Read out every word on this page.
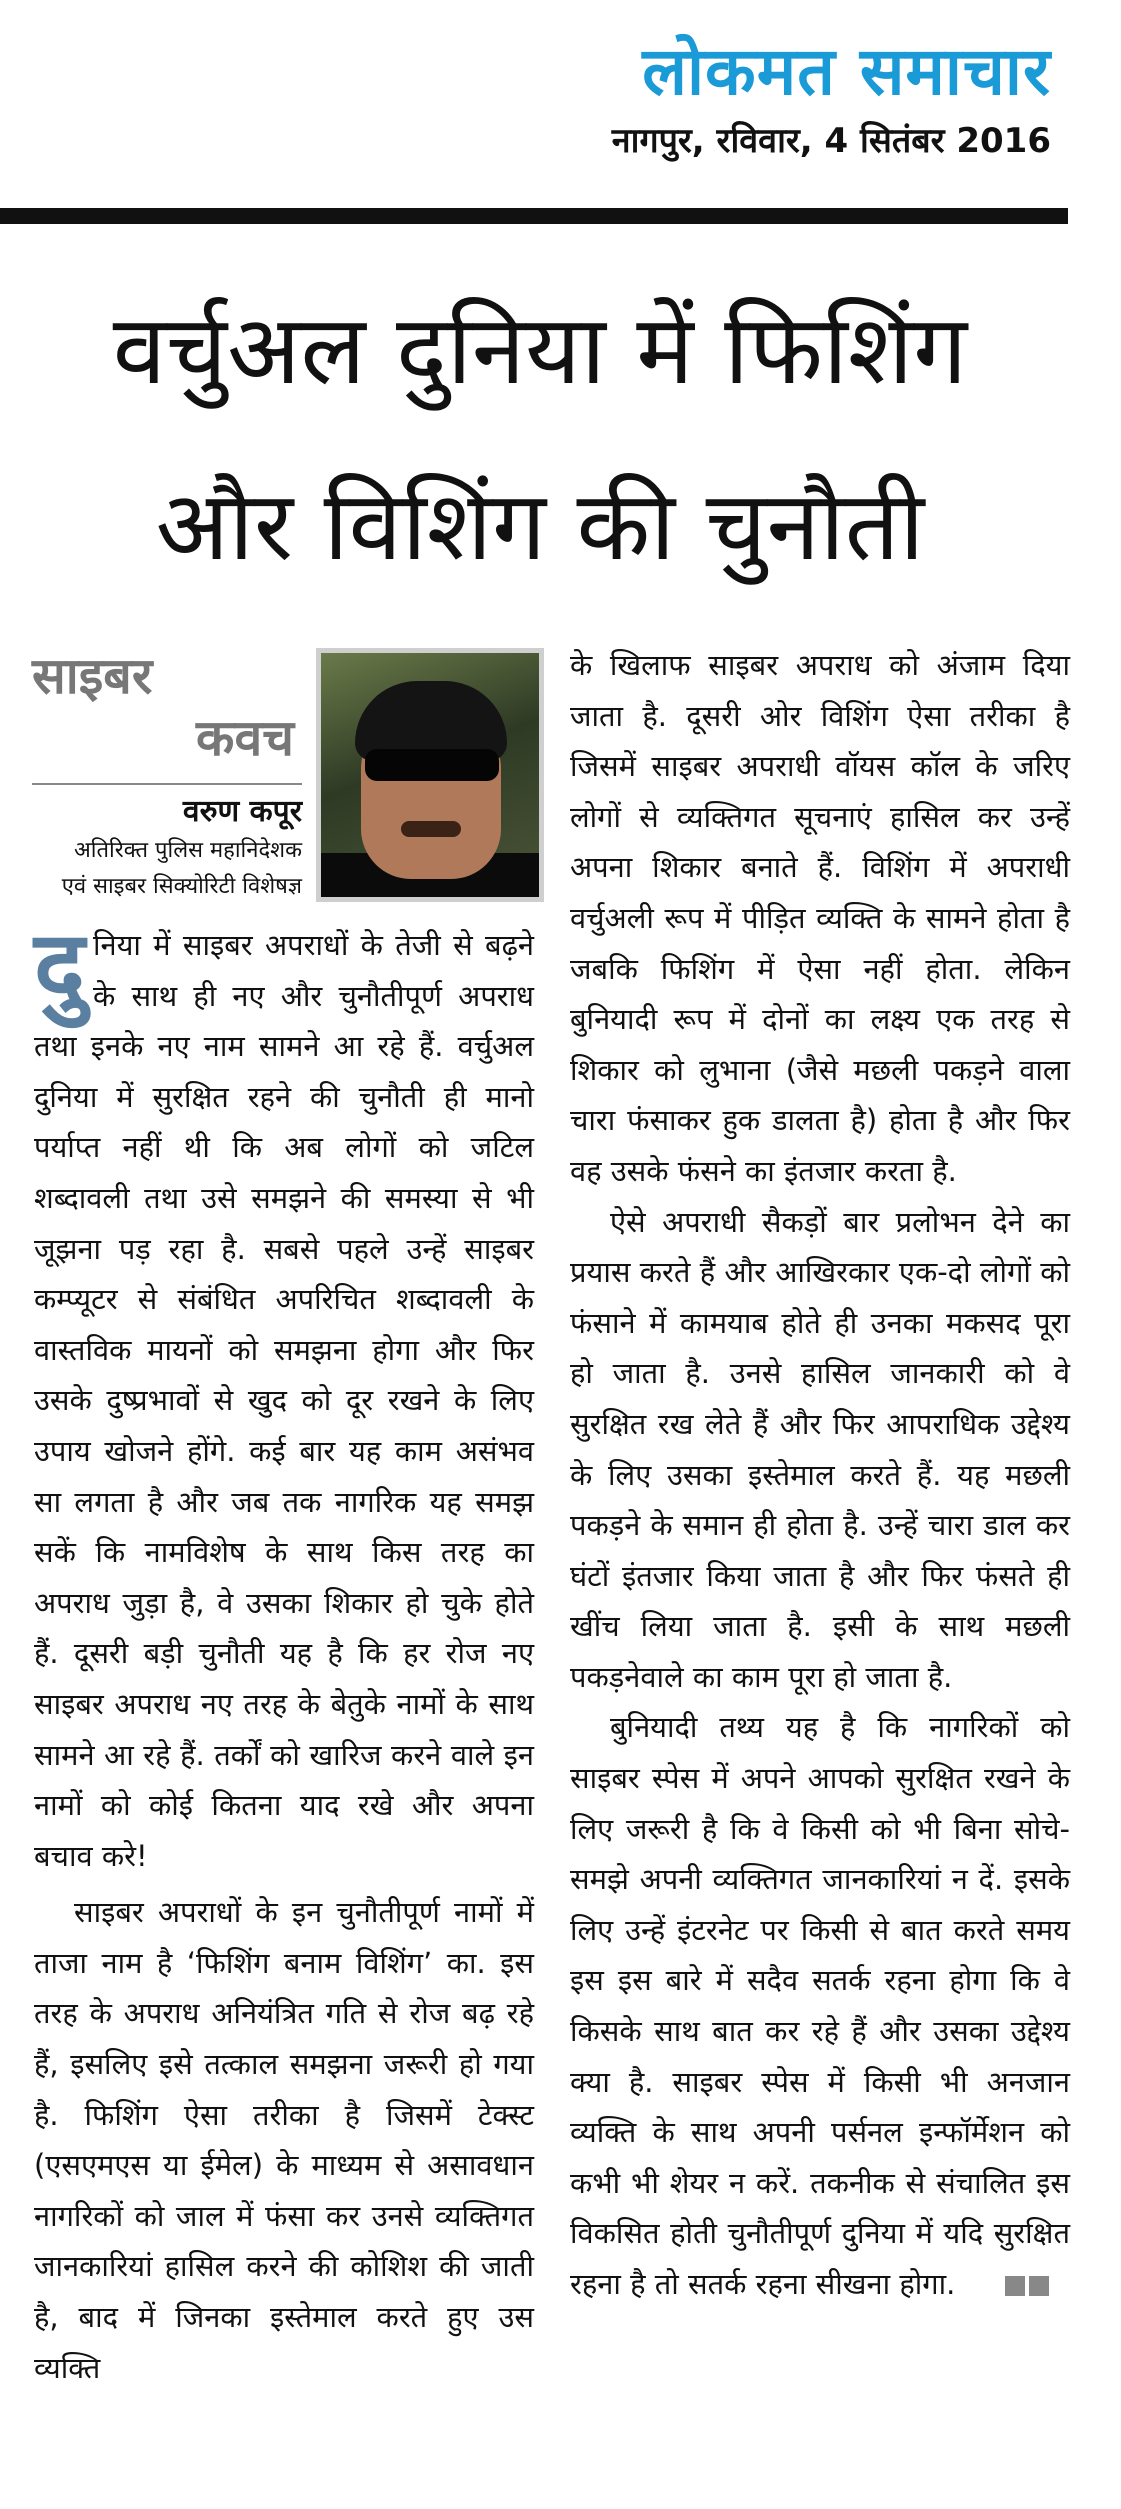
लोकमत समाचार
नागपुर, रविवार, 4 सितंबर 2016
वर्चुअल दुनिया में फिशिंग
और विशिंग की चुनौती
साइबर
कवच
वरुण कपूर
अतिरिक्त पुलिस महानिदेशक
एवं साइबर सिक्योरिटी विशेषज्ञ

दुनिया में साइबर अपराधों के तेजी से बढ़ने के साथ ही नए और चुनौतीपूर्ण अपराध तथा इनके नए नाम सामने आ रहे हैं. वर्चुअल दुनिया में सुरक्षित रहने की चुनौती ही मानो पर्याप्त नहीं थी कि अब लोगों को जटिल शब्दावली तथा उसे समझने की समस्या से भी जूझना पड़ रहा है. सबसे पहले उन्हें साइबर कम्प्यूटर से संबंधित अपरिचित शब्दावली के वास्तविक मायनों को समझना होगा और फिर उसके दुष्प्रभावों से खुद को दूर रखने के लिए उपाय खोजने होंगे. कई बार यह काम असंभव सा लगता है और जब तक नागरिक यह समझ सकें कि नामविशेष के साथ किस तरह का अपराध जुड़ा है, वे उसका शिकार हो चुके होते हैं. दूसरी बड़ी चुनौती यह है कि हर रोज नए साइबर अपराध नए तरह के बेतुके नामों के साथ सामने आ रहे हैं. तर्कों को खारिज करने वाले इन नामों को कोई कितना याद रखे और अपना बचाव करे!

साइबर अपराधों के इन चुनौतीपूर्ण नामों में ताजा नाम है ‘फिशिंग बनाम विशिंग’ का. इस तरह के अपराध अनियंत्रित गति से रोज बढ़ रहे हैं, इसलिए इसे तत्काल समझना जरूरी हो गया है. फिशिंग ऐसा तरीका है जिसमें टेक्स्ट (एसएमएस या ईमेल) के माध्यम से असावधान नागरिकों को जाल में फंसा कर उनसे व्यक्तिगत जानकारियां हासिल करने की कोशिश की जाती है, बाद में जिनका इस्तेमाल करते हुए उस व्यक्ति

के खिलाफ साइबर अपराध को अंजाम दिया जाता है. दूसरी ओर विशिंग ऐसा तरीका है जिसमें साइबर अपराधी वॉयस कॉल के जरिए लोगों से व्यक्तिगत सूचनाएं हासिल कर उन्हें अपना शिकार बनाते हैं. विशिंग में अपराधी वर्चुअली रूप में पीड़ित व्यक्ति के सामने होता है जबकि फिशिंग में ऐसा नहीं होता. लेकिन बुनियादी रूप में दोनों का लक्ष्य एक तरह से शिकार को लुभाना (जैसे मछली पकड़ने वाला चारा फंसाकर हुक डालता है) होता है और फिर वह उसके फंसने का इंतजार करता है.

ऐसे अपराधी सैकड़ों बार प्रलोभन देने का प्रयास करते हैं और आखिरकार एक-दो लोगों को फंसाने में कामयाब होते ही उनका मकसद पूरा हो जाता है. उनसे हासिल जानकारी को वे सुरक्षित रख लेते हैं और फिर आपराधिक उद्देश्य के लिए उसका इस्तेमाल करते हैं. यह मछली पकड़ने के समान ही होता है. उन्हें चारा डाल कर घंटों इंतजार किया जाता है और फिर फंसते ही खींच लिया जाता है. इसी के साथ मछली पकड़नेवाले का काम पूरा हो जाता है.

बुनियादी तथ्य यह है कि नागरिकों को साइबर स्पेस में अपने आपको सुरक्षित रखने के लिए जरूरी है कि वे किसी को भी बिना सोचे-समझे अपनी व्यक्तिगत जानकारियां न दें. इसके लिए उन्हें इंटरनेट पर किसी से बात करते समय इस इस बारे में सदैव सतर्क रहना होगा कि वे किसके साथ बात कर रहे हैं और उसका उद्देश्य क्या है. साइबर स्पेस में किसी भी अनजान व्यक्ति के साथ अपनी पर्सनल इन्फॉर्मेशन को कभी भी शेयर न करें. तकनीक से संचालित इस विकसित होती चुनौतीपूर्ण दुनिया में यदि सुरक्षित रहना है तो सतर्क रहना सीखना होगा.
